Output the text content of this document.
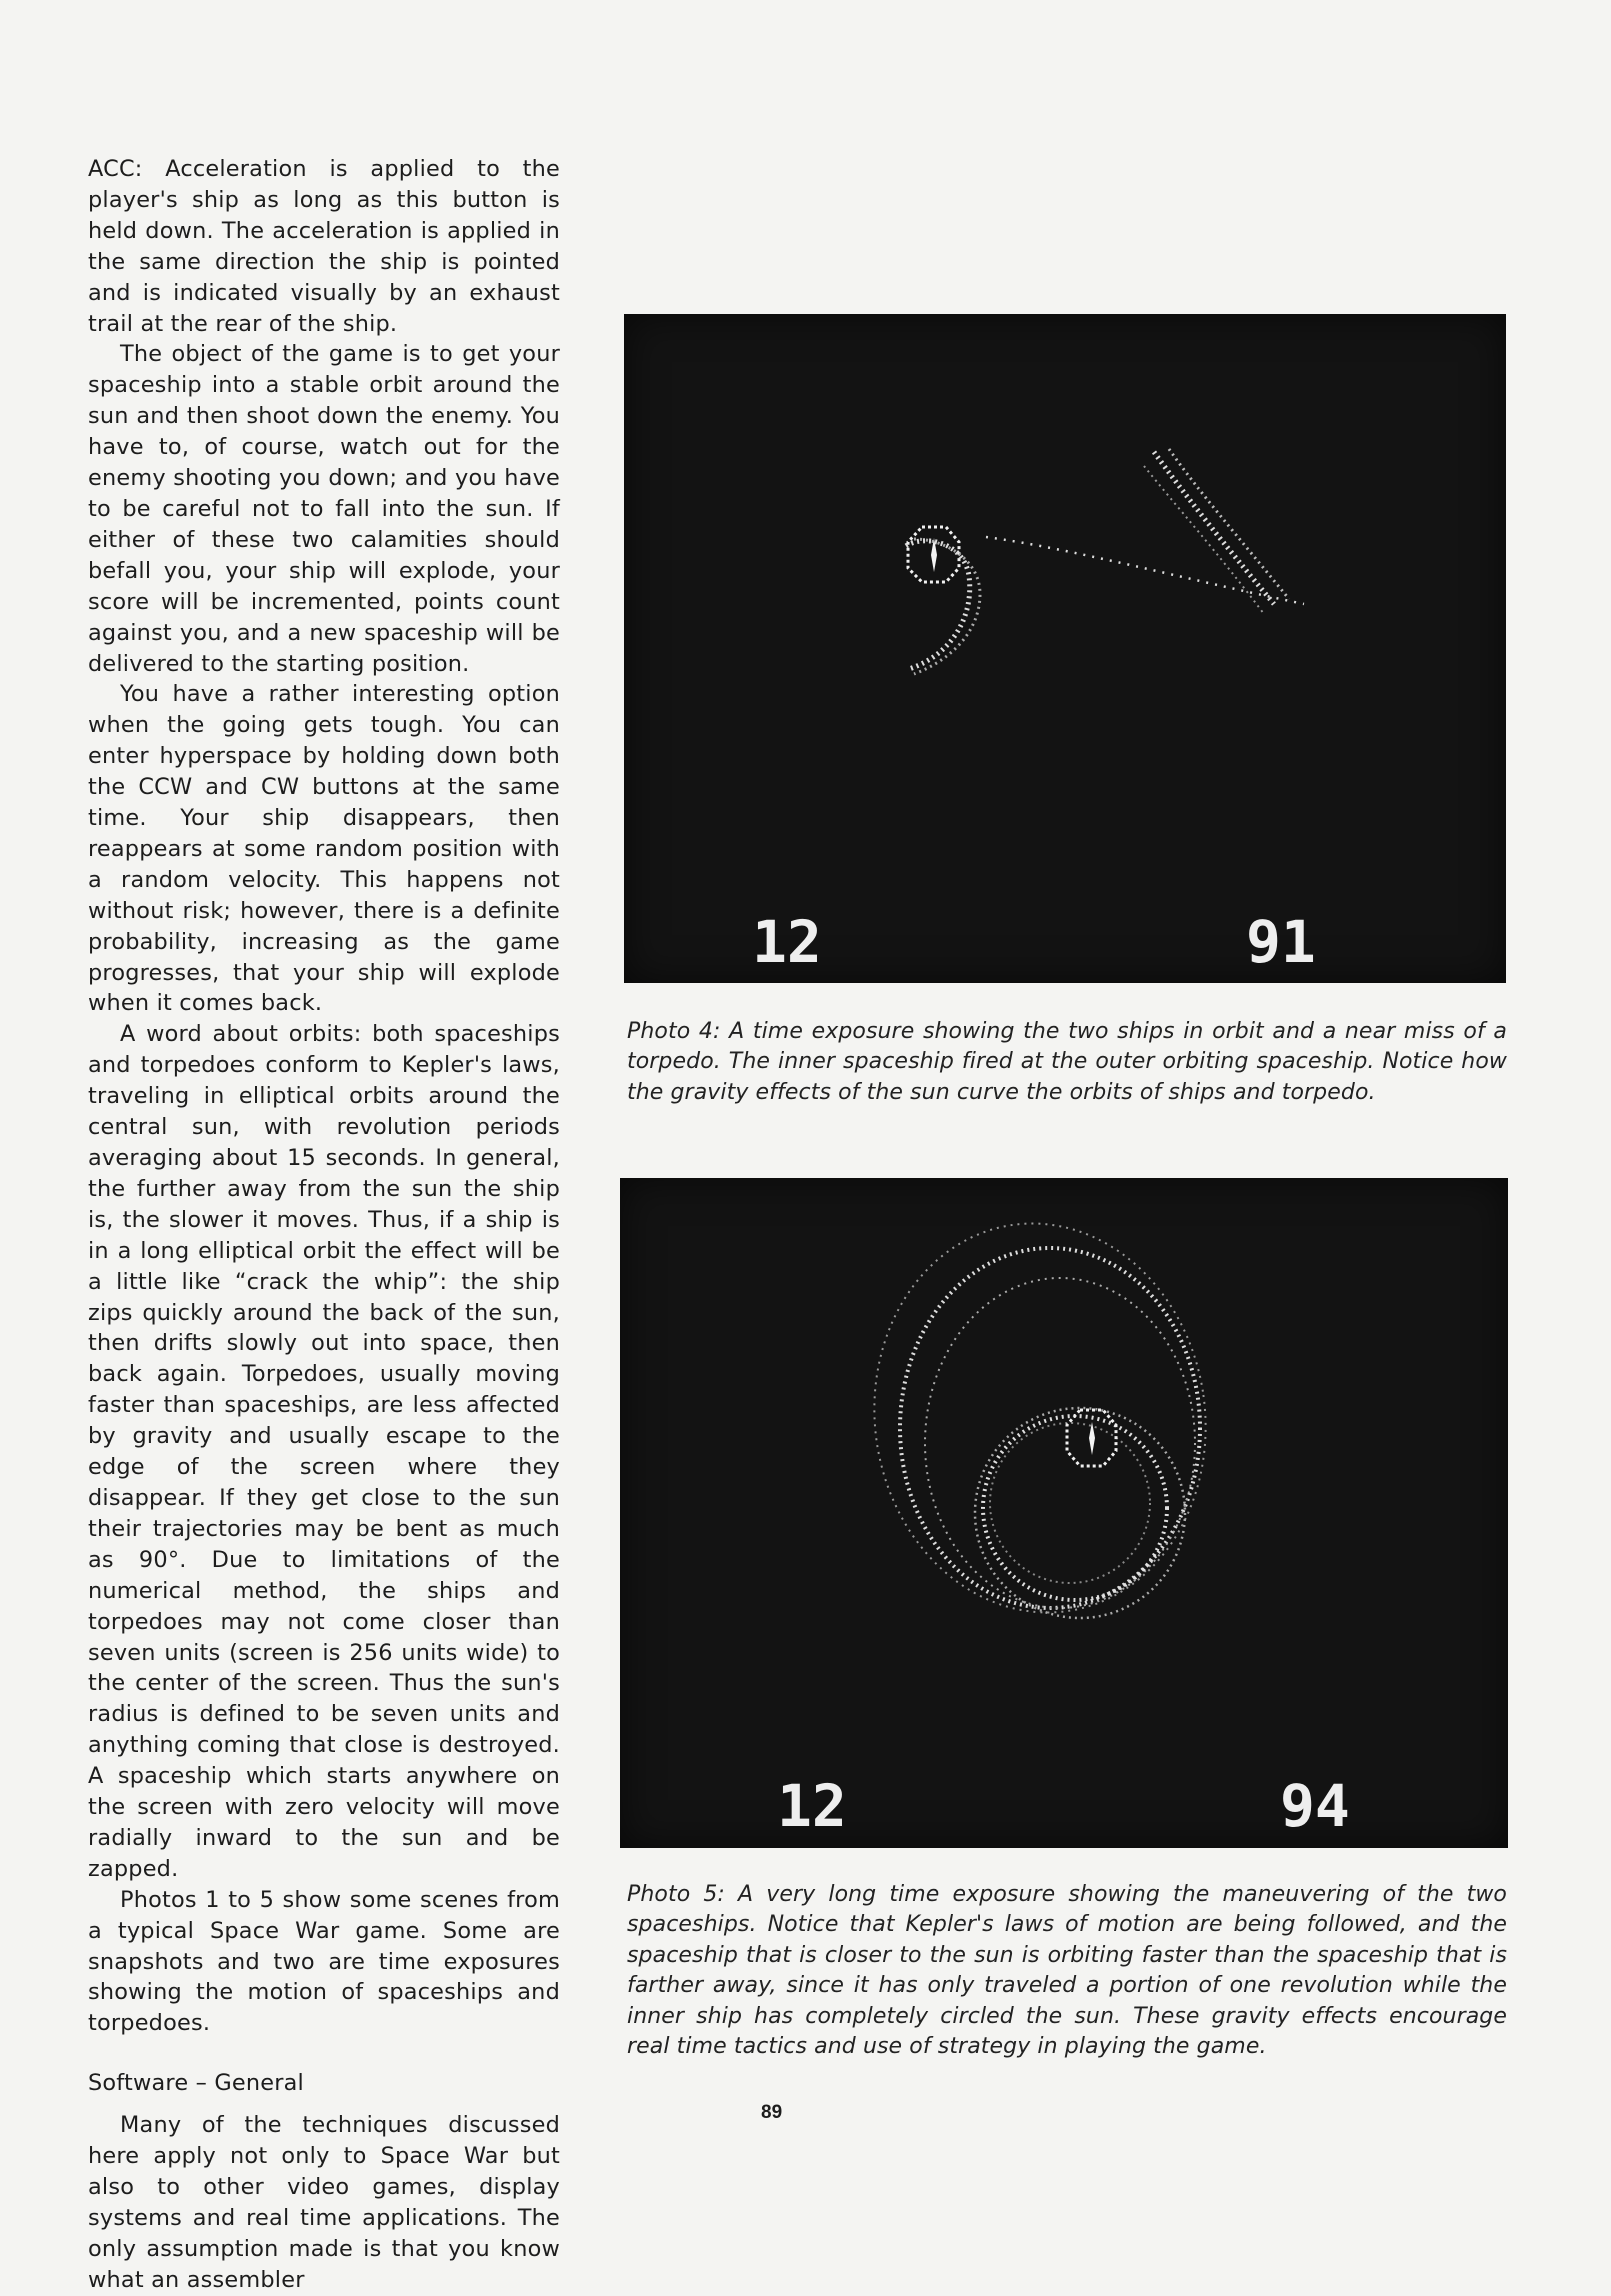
ACC: Acceleration is applied to the player's ship as long as this button is held down. The acceleration is applied in the same direction the ship is pointed and is indicated visually by an exhaust trail at the rear of the ship.

The object of the game is to get your spaceship into a stable orbit around the sun and then shoot down the enemy. You have to, of course, watch out for the enemy shooting you down; and you have to be careful not to fall into the sun. If either of these two calamities should befall you, your ship will explode, your score will be incremented, points count against you, and a new spaceship will be delivered to the starting position.

You have a rather interesting option when the going gets tough. You can enter hyperspace by holding down both the CCW and CW buttons at the same time. Your ship disappears, then reappears at some random position with a random velocity. This happens not without risk; however, there is a definite probability, increasing as the game progresses, that your ship will explode when it comes back.

A word about orbits: both spaceships and torpedoes conform to Kepler's laws, traveling in elliptical orbits around the central sun, with revolution periods averaging about 15 seconds. In general, the further away from the sun the ship is, the slower it moves. Thus, if a ship is in a long elliptical orbit the effect will be a little like “crack the whip”: the ship zips quickly around the back of the sun, then drifts slowly out into space, then back again. Torpedoes, usually moving faster than spaceships, are less affected by gravity and usually escape to the edge of the screen where they disappear. If they get close to the sun their trajectories may be bent as much as 90°. Due to limitations of the numerical method, the ships and torpedoes may not come closer than seven units (screen is 256 units wide) to the center of the screen. Thus the sun's radius is defined to be seven units and anything coming that close is destroyed. A spaceship which starts anywhere on the screen with zero velocity will move radially inward to the sun and be zapped.

Photos 1 to 5 show some scenes from a typical Space War game. Some are snapshots and two are time exposures showing the motion of spaceships and torpedoes.

Software – General

Many of the techniques discussed here apply not only to Space War but also to other video games, display systems and real time applications. The only assumption made is that you know what an assembler

12	91
Photo 4: A time exposure showing the two ships in orbit and a near miss of a torpedo. The inner spaceship fired at the outer orbiting spaceship. Notice how the gravity effects of the sun curve the orbits of ships and torpedo.
12	94
Photo 5: A very long time exposure showing the maneuvering of the two spaceships. Notice that Kepler's laws of motion are being followed, and the spaceship that is closer to the sun is orbiting faster than the spaceship that is farther away, since it has only traveled a portion of one revolution while the inner ship has completely circled the sun. These gravity effects encourage real time tactics and use of strategy in playing the game.
89
